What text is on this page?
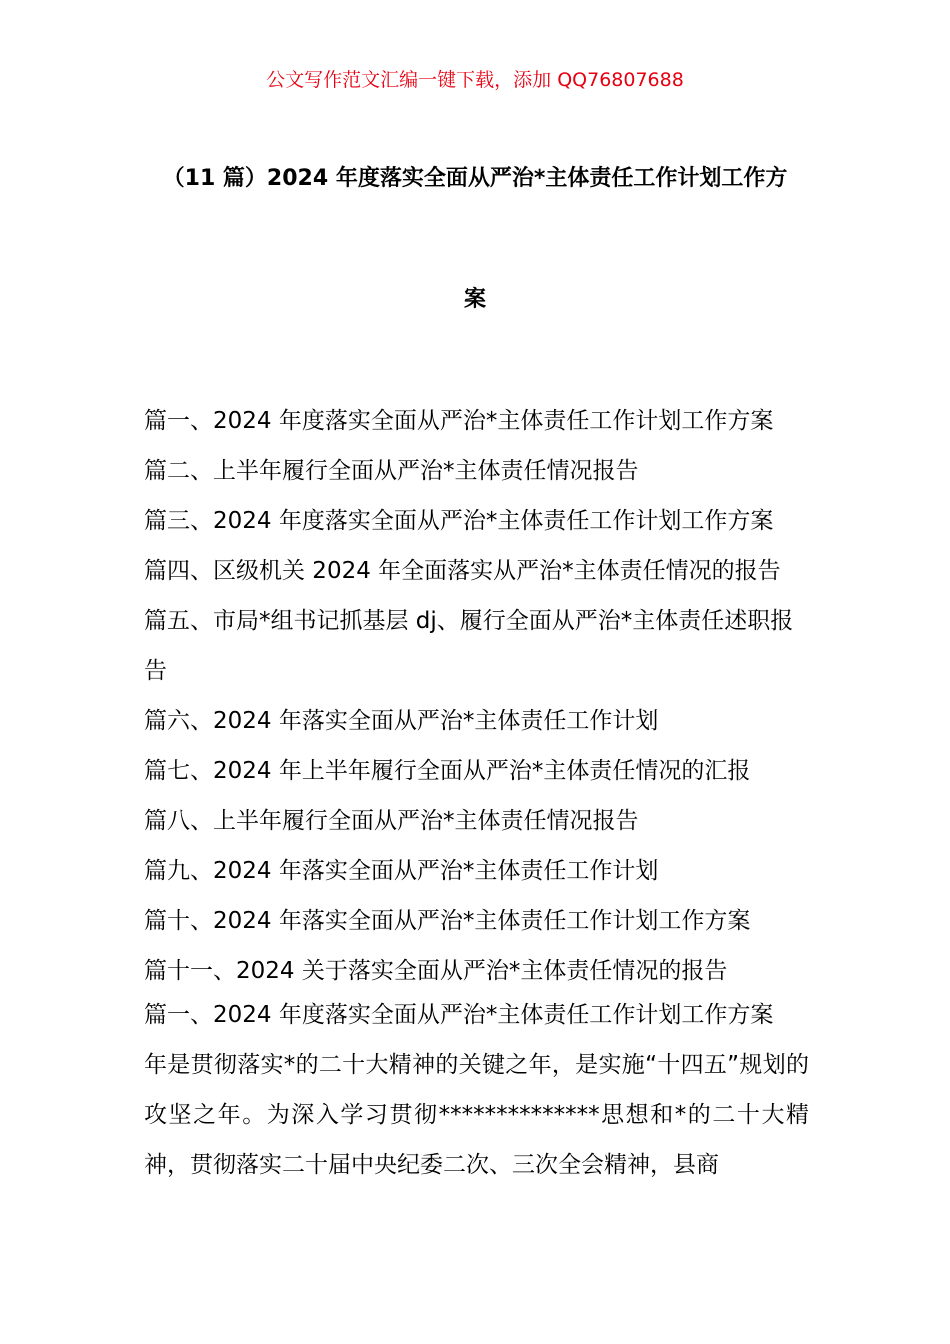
公文写作范文汇编一键下载，添加 QQ76807688
（11 篇）2024 年度落实全面从严治*主体责任工作计划工作方
案
篇一、2024 年度落实全面从严治*主体责任工作计划工作方案
篇二、上半年履行全面从严治*主体责任情况报告
篇三、2024 年度落实全面从严治*主体责任工作计划工作方案
篇四、区级机关 2024 年全面落实从严治*主体责任情况的报告
篇五、市局*组书记抓基层 dj、履行全面从严治*主体责任述职报告
篇六、2024 年落实全面从严治*主体责任工作计划
篇七、2024 年上半年履行全面从严治*主体责任情况的汇报
篇八、上半年履行全面从严治*主体责任情况报告
篇九、2024 年落实全面从严治*主体责任工作计划
篇十、2024 年落实全面从严治*主体责任工作计划工作方案
篇十一、2024 关于落实全面从严治*主体责任情况的报告

篇一、2024 年度落实全面从严治*主体责任工作计划工作方案

年是贯彻落实*的二十大精神的关键之年，是实施“十四五”规划的攻坚之年。为深入学习贯彻**************思想和*的二十大精神，贯彻落实二十届中央纪委二次、三次全会精神，县商
